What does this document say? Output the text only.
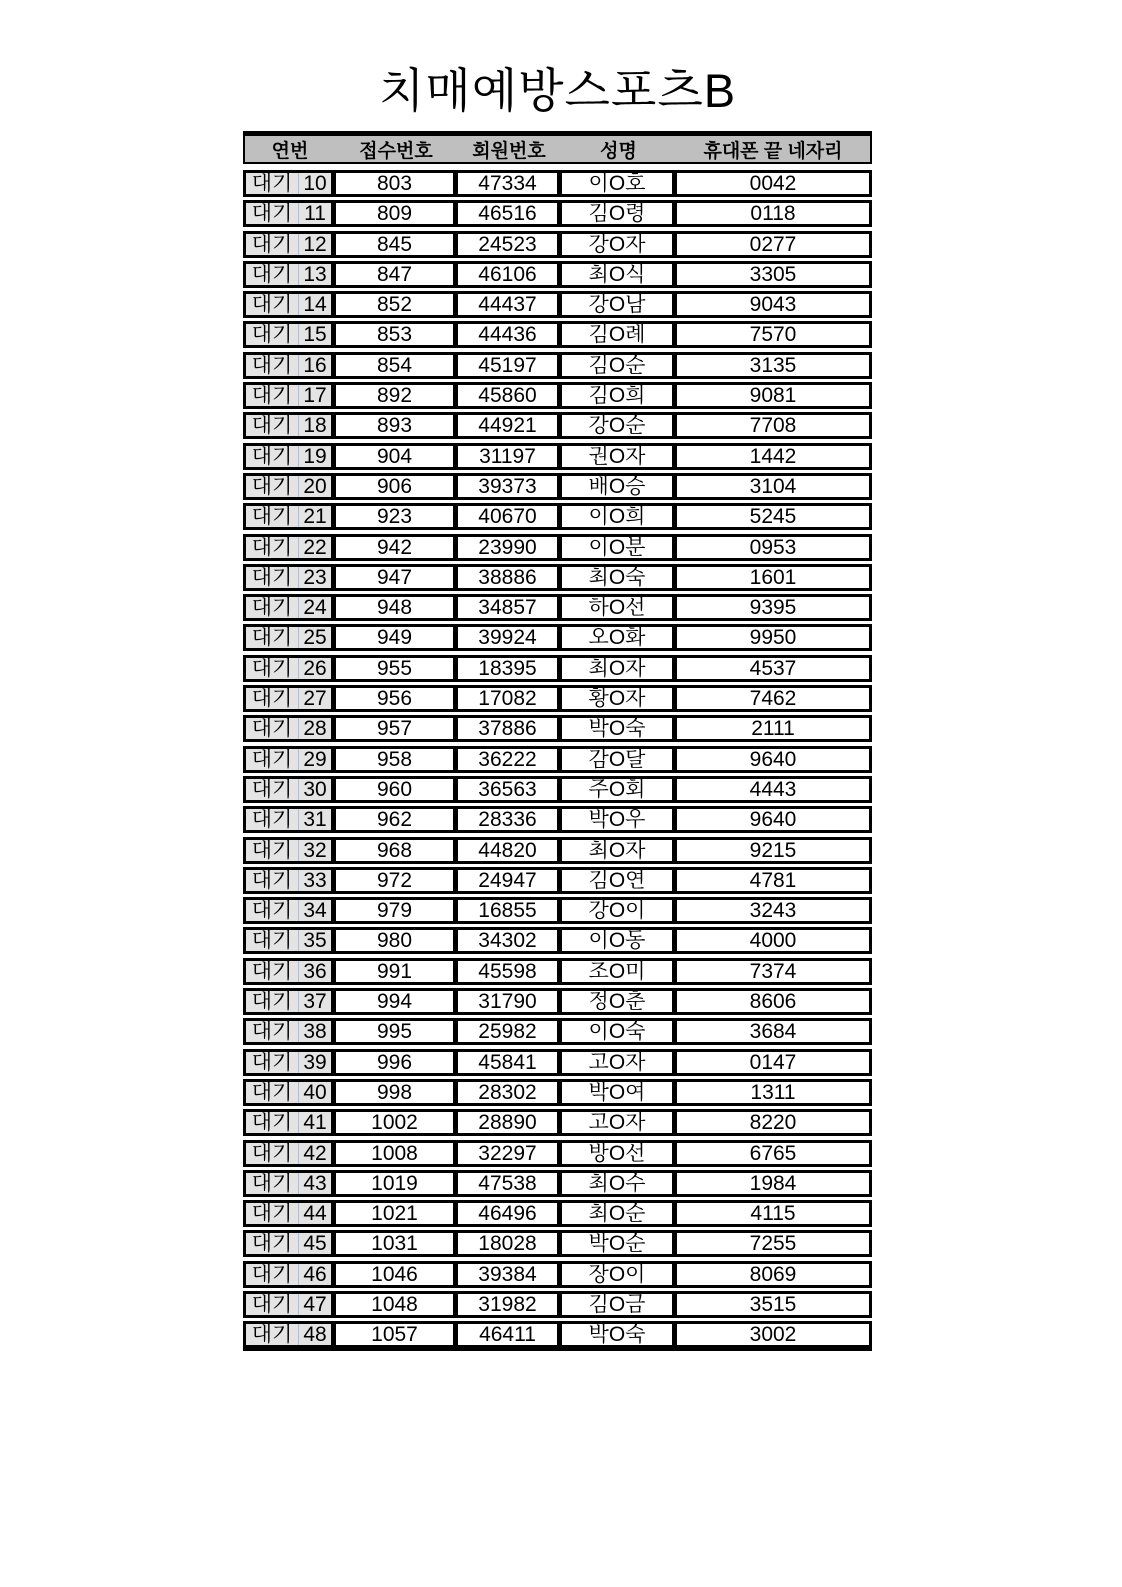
치매예방스포츠B
연번	접수번호	회원번호	성명	휴대폰 끝 네자리
대기 10	803	47334	이O호	0042
대기 11	809	46516	김O령	0118
대기 12	845	24523	강O자	0277
대기 13	847	46106	최O식	3305
대기 14	852	44437	강O남	9043
대기 15	853	44436	김O례	7570
대기 16	854	45197	김O순	3135
대기 17	892	45860	김O희	9081
대기 18	893	44921	강O순	7708
대기 19	904	31197	권O자	1442
대기 20	906	39373	배O승	3104
대기 21	923	40670	이O희	5245
대기 22	942	23990	이O분	0953
대기 23	947	38886	최O숙	1601
대기 24	948	34857	하O선	9395
대기 25	949	39924	오O화	9950
대기 26	955	18395	최O자	4537
대기 27	956	17082	황O자	7462
대기 28	957	37886	박O숙	2111
대기 29	958	36222	감O달	9640
대기 30	960	36563	주O회	4443
대기 31	962	28336	박O우	9640
대기 32	968	44820	최O자	9215
대기 33	972	24947	김O연	4781
대기 34	979	16855	강O이	3243
대기 35	980	34302	이O동	4000
대기 36	991	45598	조O미	7374
대기 37	994	31790	정O춘	8606
대기 38	995	25982	이O숙	3684
대기 39	996	45841	고O자	0147
대기 40	998	28302	박O여	1311
대기 41	1002	28890	고O자	8220
대기 42	1008	32297	방O선	6765
대기 43	1019	47538	최O수	1984
대기 44	1021	46496	최O순	4115
대기 45	1031	18028	박O순	7255
대기 46	1046	39384	장O이	8069
대기 47	1048	31982	김O금	3515
대기 48	1057	46411	박O숙	3002
